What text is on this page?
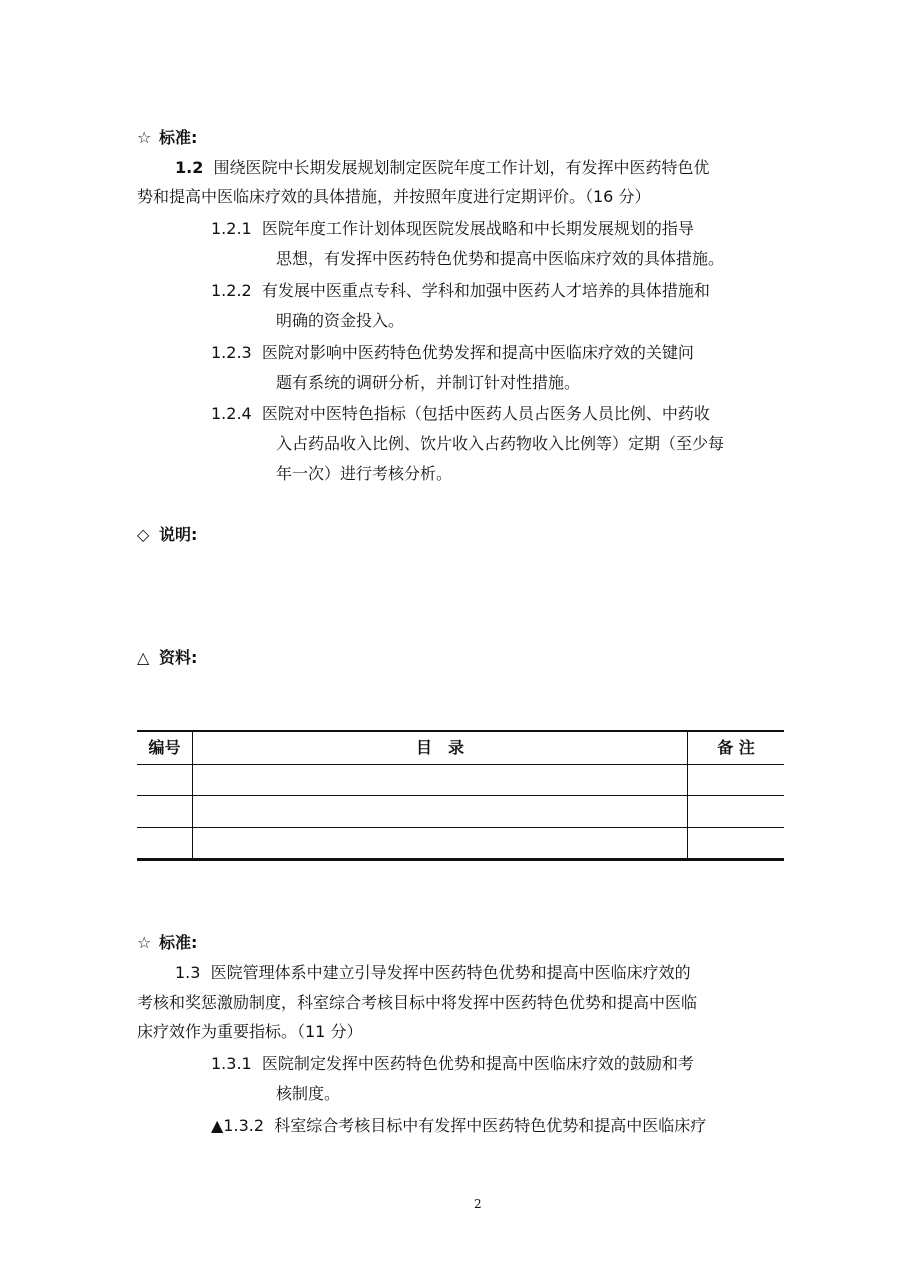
☆ 标准:
1.2 围绕医院中长期发展规划制定医院年度工作计划，有发挥中医药特色优
势和提高中医临床疗效的具体措施，并按照年度进行定期评价。（16 分）
1.2.1 医院年度工作计划体现医院发展战略和中长期发展规划的指导
思想，有发挥中医药特色优势和提高中医临床疗效的具体措施。
1.2.2 有发展中医重点专科、学科和加强中医药人才培养的具体措施和
明确的资金投入。
1.2.3 医院对影响中医药特色优势发挥和提高中医临床疗效的关键问
题有系统的调研分析，并制订针对性措施。
1.2.4 医院对中医特色指标（包括中医药人员占医务人员比例、中药收
入占药品收入比例、饮片收入占药物收入比例等）定期（至少每
年一次）进行考核分析。
◇ 说明:
△ 资料:
编号	目　录	备 注
☆ 标准:
1.3 医院管理体系中建立引导发挥中医药特色优势和提高中医临床疗效的
考核和奖惩激励制度，科室综合考核目标中将发挥中医药特色优势和提高中医临
床疗效作为重要指标。（11 分）
1.3.1 医院制定发挥中医药特色优势和提高中医临床疗效的鼓励和考
核制度。
▲1.3.2 科室综合考核目标中有发挥中医药特色优势和提高中医临床疗
2
